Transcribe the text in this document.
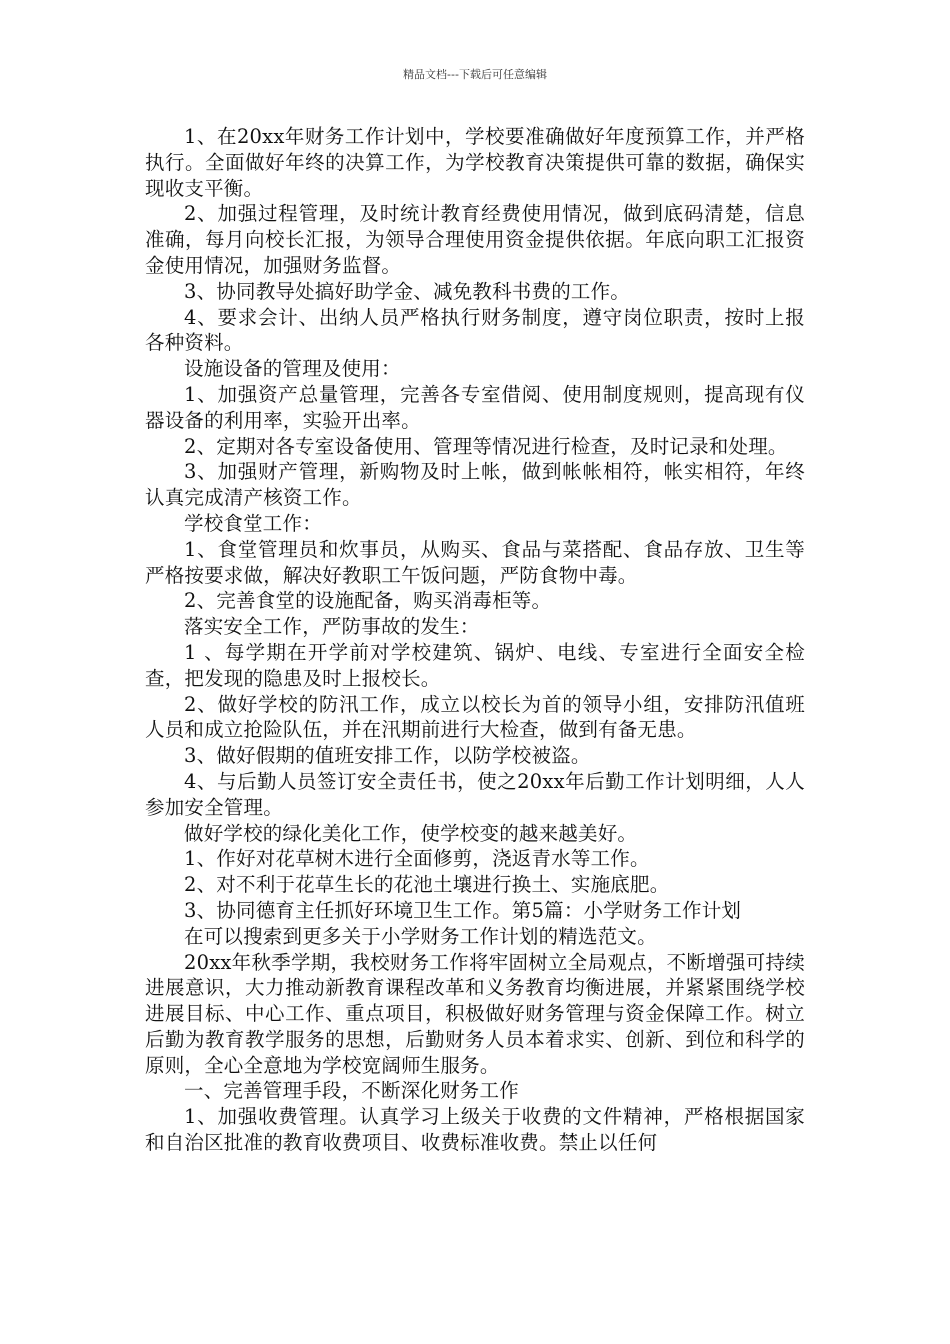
精品文档---下载后可任意编辑

1、在20xx年财务工作计划中，学校要准确做好年度预算工作，并严格执行。全面做好年终的决算工作，为学校教育决策提供可靠的数据，确保实现收支平衡。

2、加强过程管理，及时统计教育经费使用情况，做到底码清楚，信息准确，每月向校长汇报，为领导合理使用资金提供依据。年底向职工汇报资金使用情况，加强财务监督。

3、协同教导处搞好助学金、减免教科书费的工作。

4、要求会计、出纳人员严格执行财务制度，遵守岗位职责，按时上报各种资料。

设施设备的管理及使用：

1、加强资产总量管理，完善各专室借阅、使用制度规则，提高现有仪器设备的利用率，实验开出率。

2、定期对各专室设备使用、管理等情况进行检查，及时记录和处理。

3、加强财产管理，新购物及时上帐，做到帐帐相符，帐实相符，年终认真完成清产核资工作。

学校食堂工作：

1、食堂管理员和炊事员，从购买、食品与菜搭配、食品存放、卫生等严格按要求做，解决好教职工午饭问题，严防食物中毒。

2、完善食堂的设施配备，购买消毒柜等。

落实安全工作，严防事故的发生：

1 、每学期在开学前对学校建筑、锅炉、电线、专室进行全面安全检查，把发现的隐患及时上报校长。

2、做好学校的防汛工作，成立以校长为首的领导小组，安排防汛值班人员和成立抢险队伍，并在汛期前进行大检查，做到有备无患。

3、做好假期的值班安排工作，以防学校被盗。

4、与后勤人员签订安全责任书，使之20xx年后勤工作计划明细，人人参加安全管理。

做好学校的绿化美化工作，使学校变的越来越美好。

1、作好对花草树木进行全面修剪，浇返青水等工作。

2、对不利于花草生长的花池土壤进行换土、实施底肥。

3、协同德育主任抓好环境卫生工作。第5篇：小学财务工作计划

在可以搜索到更多关于小学财务工作计划的精选范文。

20xx年秋季学期，我校财务工作将牢固树立全局观点，不断增强可持续进展意识，大力推动新教育课程改革和义务教育均衡进展，并紧紧围绕学校进展目标、中心工作、重点项目，积极做好财务管理与资金保障工作。树立后勤为教育教学服务的思想，后勤财务人员本着求实、创新、到位和科学的原则，全心全意地为学校宽阔师生服务。

一、完善管理手段，不断深化财务工作

1、加强收费管理。认真学习上级关于收费的文件精神，严格根据国家和自治区批准的教育收费项目、收费标准收费。禁止以任何
